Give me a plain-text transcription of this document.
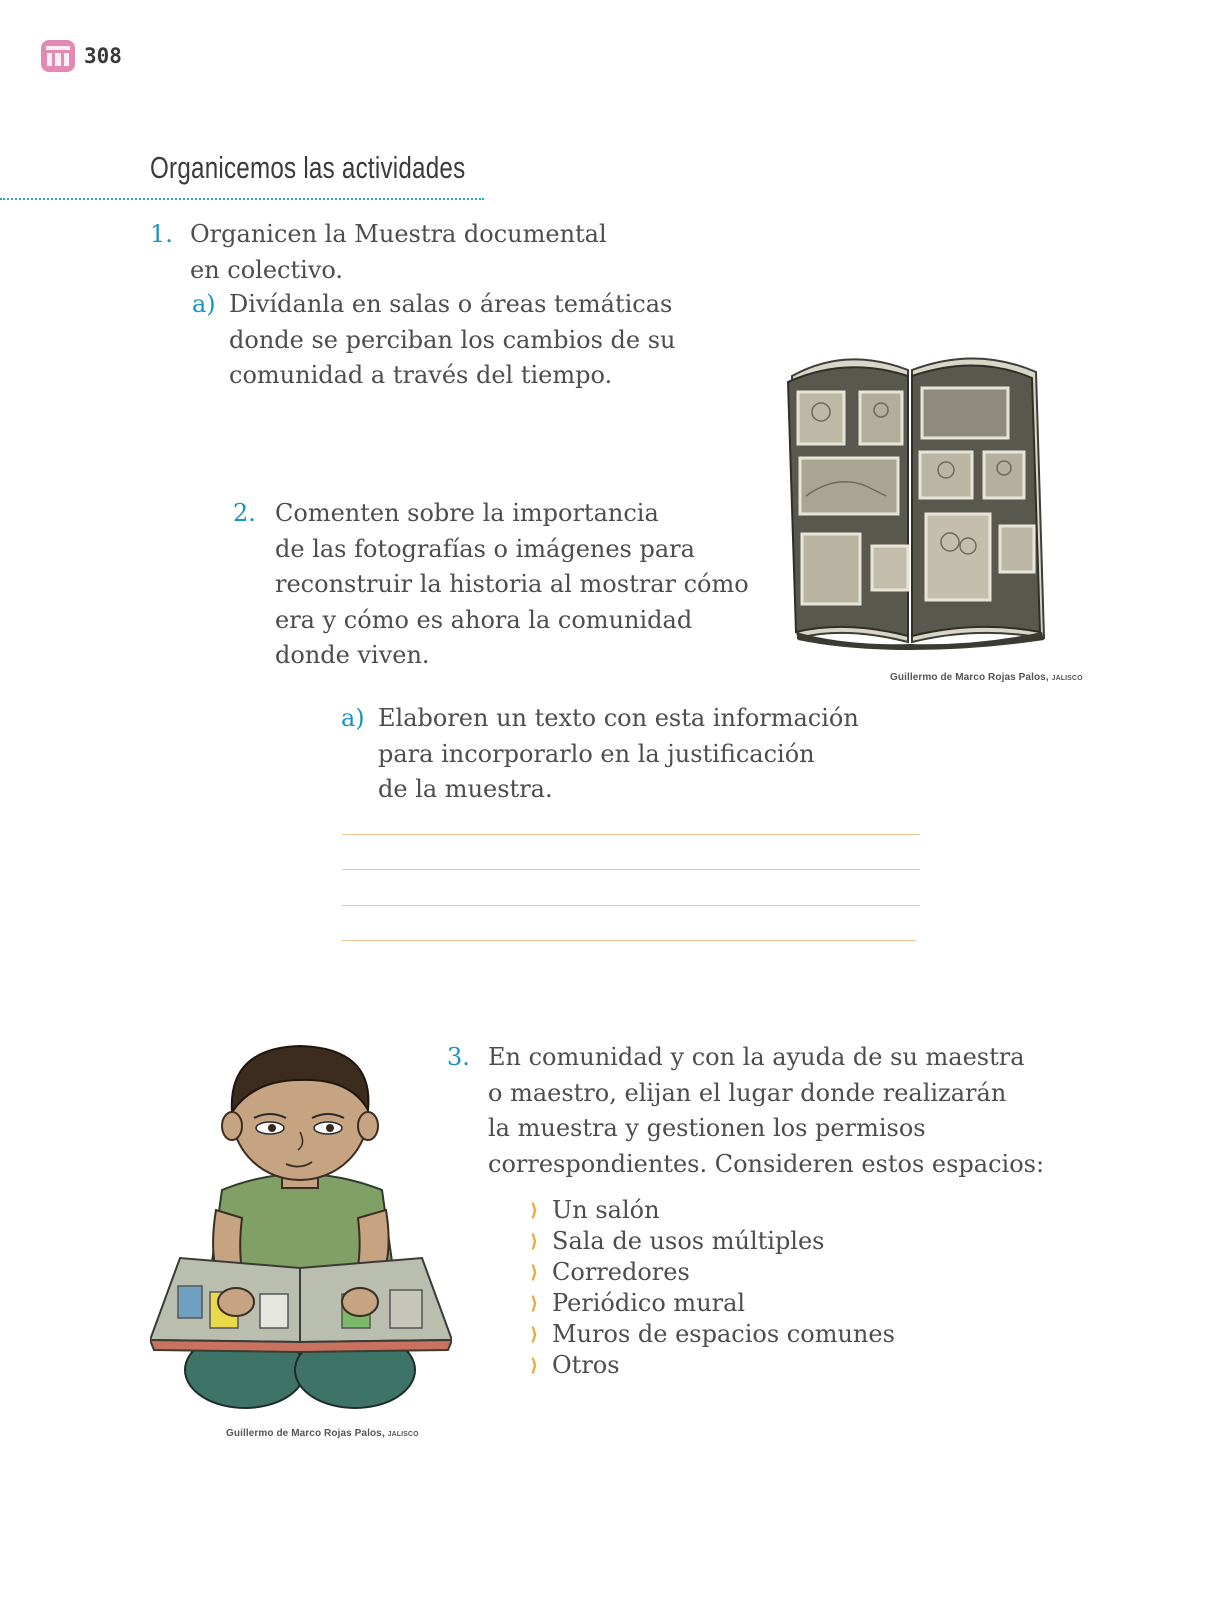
308
Organicemos las actividades
1. Organicen la Muestra documental

en colectivo.

a) Divídanla en salas o áreas temáticas

donde se perciban los cambios de su

comunidad a través del tiempo.

2. Comenten sobre la importancia

de las fotografías o imágenes para

reconstruir la historia al mostrar cómo

era y cómo es ahora la comunidad

donde viven.

a) Elaboren un texto con esta información

para incorporarlo en la justificación

de la muestra.

Guillermo de Marco Rojas Palos, JALISCO
3. En comunidad y con la ayuda de su maestra

o maestro, elijan el lugar donde realizarán

la muestra y gestionen los permisos

correspondientes. Consideren estos espacios:

⟩ Un salón
⟩ Sala de usos múltiples
⟩ Corredores
⟩ Periódico mural
⟩ Muros de espacios comunes
⟩ Otros
Guillermo de Marco Rojas Palos, JALISCO
